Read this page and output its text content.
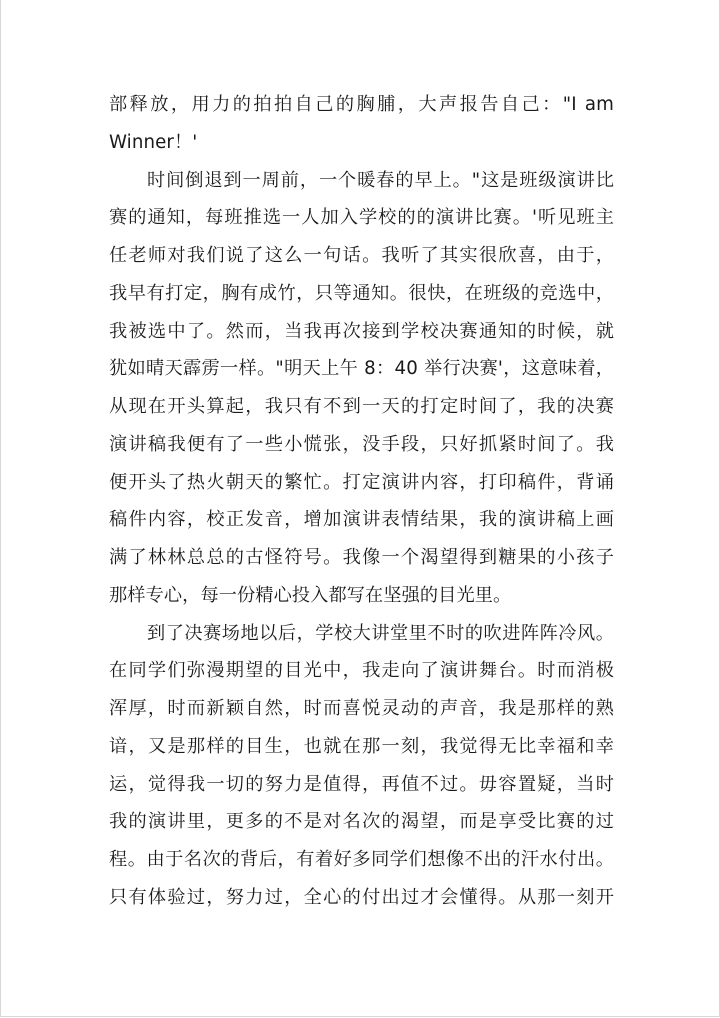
部释放，用力的拍拍自己的胸脯，大声报告自己："I am
Winner！'
时间倒退到一周前，一个暖春的早上。"这是班级演讲比
赛的通知，每班推选一人加入学校的的演讲比赛。'听见班主
任老师对我们说了这么一句话。我听了其实很欣喜，由于，
我早有打定，胸有成竹，只等通知。很快，在班级的竞选中，
我被选中了。然而，当我再次接到学校决赛通知的时候，就
犹如晴天霹雳一样。"明天上午 8：40 举行决赛'，这意味着，
从现在开头算起，我只有不到一天的打定时间了，我的决赛
演讲稿我便有了一些小慌张，没手段，只好抓紧时间了。我
便开头了热火朝天的繁忙。打定演讲内容，打印稿件，背诵
稿件内容，校正发音，增加演讲表情结果，我的演讲稿上画
满了林林总总的古怪符号。我像一个渴望得到糖果的小孩子
那样专心，每一份精心投入都写在坚强的目光里。
到了决赛场地以后，学校大讲堂里不时的吹进阵阵冷风。
在同学们弥漫期望的目光中，我走向了演讲舞台。时而消极
浑厚，时而新颖自然，时而喜悦灵动的声音，我是那样的熟
谙，又是那样的目生，也就在那一刻，我觉得无比幸福和幸
运，觉得我一切的努力是值得，再值不过。毋容置疑，当时
我的演讲里，更多的不是对名次的渴望，而是享受比赛的过
程。由于名次的背后，有着好多同学们想像不出的汗水付出。
只有体验过，努力过，全心的付出过才会懂得。从那一刻开
